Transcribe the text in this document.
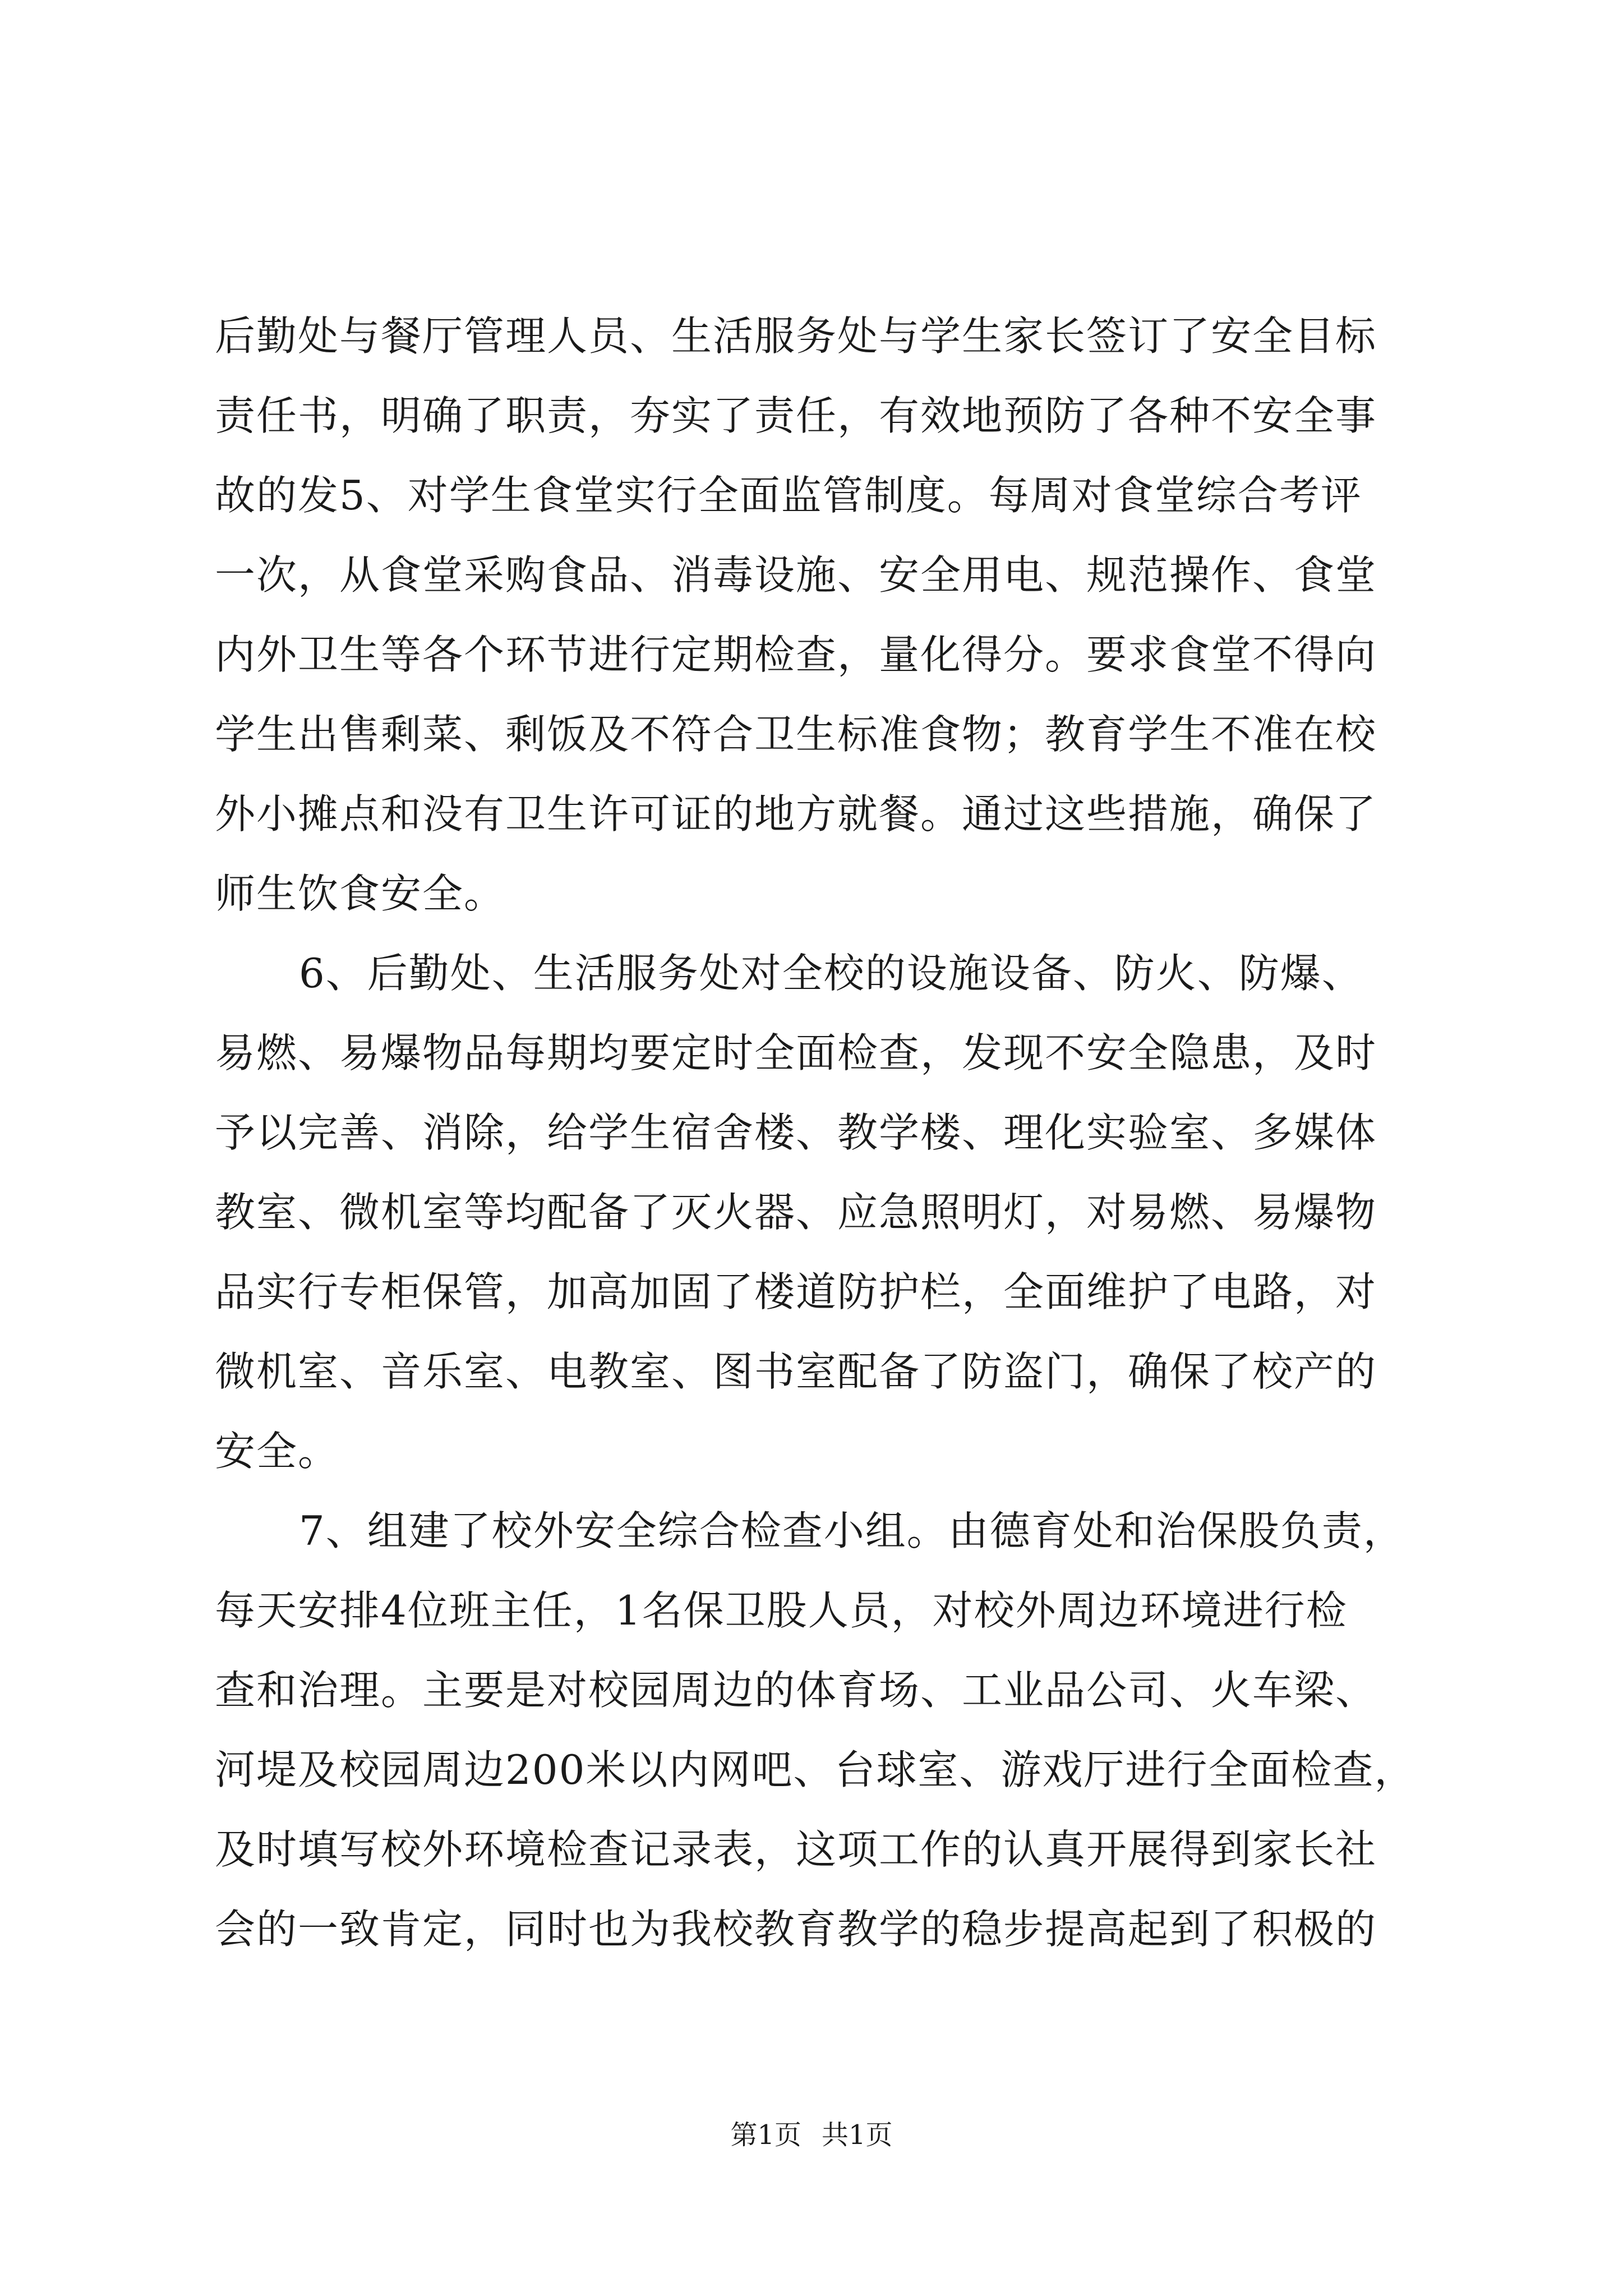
后勤处与餐厅管理人员、生活服务处与学生家长签订了安全目标
责任书，明确了职责，夯实了责任，有效地预防了各种不安全事
故的发5、对学生食堂实行全面监管制度。每周对食堂综合考评
一次，从食堂采购食品、消毒设施、安全用电、规范操作、食堂
内外卫生等各个环节进行定期检查，量化得分。要求食堂不得向
学生出售剩菜、剩饭及不符合卫生标准食物；教育学生不准在校
外小摊点和没有卫生许可证的地方就餐。通过这些措施，确保了
师生饮食安全。
6、后勤处、生活服务处对全校的设施设备、防火、防爆、
易燃、易爆物品每期均要定时全面检查，发现不安全隐患，及时
予以完善、消除，给学生宿舍楼、教学楼、理化实验室、多媒体
教室、微机室等均配备了灭火器、应急照明灯，对易燃、易爆物
品实行专柜保管，加高加固了楼道防护栏，全面维护了电路，对
微机室、音乐室、电教室、图书室配备了防盗门，确保了校产的
安全。
7、组建了校外安全综合检查小组。由德育处和治保股负责，
每天安排4位班主任，1名保卫股人员，对校外周边环境进行检
查和治理。主要是对校园周边的体育场、工业品公司、火车梁、
河堤及校园周边200米以内网吧、台球室、游戏厅进行全面检查，
及时填写校外环境检查记录表，这项工作的认真开展得到家长社
会的一致肯定，同时也为我校教育教学的稳步提高起到了积极的
第1页 共1页
